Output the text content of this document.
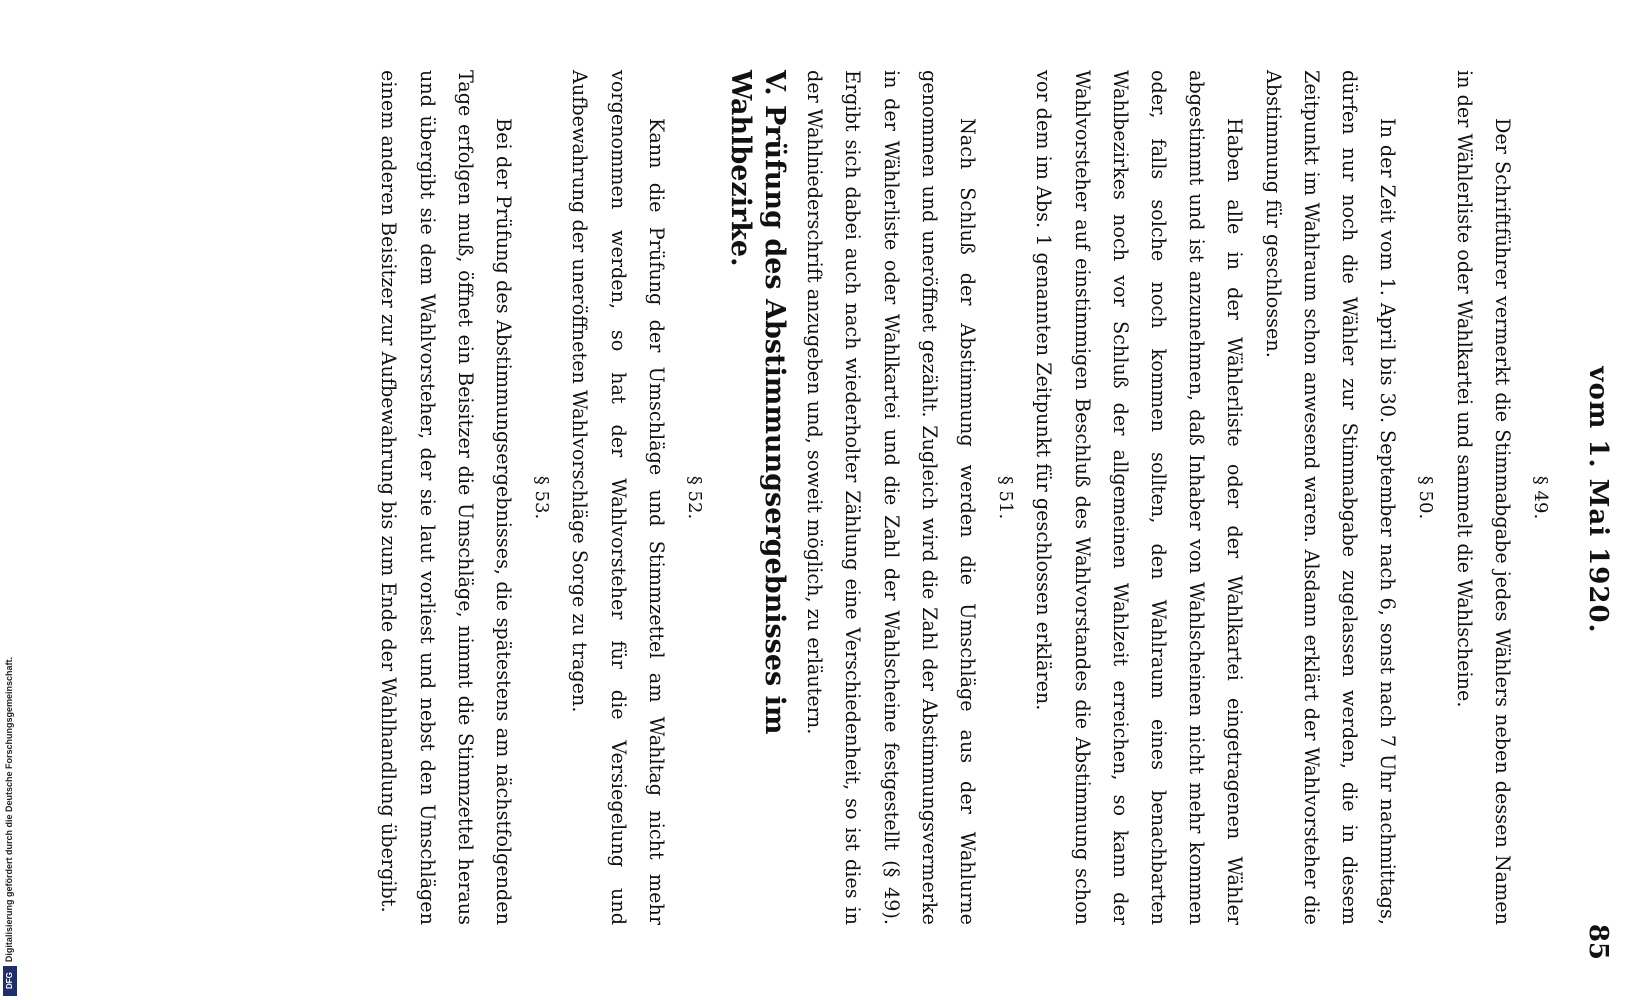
vom 1. Mai 1920.
85

§ 49.

Der Schriftführer vermerkt die Stimmabgabe jedes Wählers neben dessen Namen in der Wählerliste oder Wahlkartei und sammelt die Wahlscheine.

§ 50.

In der Zeit vom 1. April bis 30. September nach 6, sonst nach 7 Uhr nachmittags, dürfen nur noch die Wähler zur Stimmabgabe zugelassen werden, die in diesem Zeitpunkt im Wahlraum schon anwesend waren. Alsdann erklärt der Wahlvorsteher die Abstimmung für geschlossen.

Haben alle in der Wählerliste oder der Wahlkartei eingetragenen Wähler abgestimmt und ist anzunehmen, daß Inhaber von Wahlscheinen nicht mehr kommen oder, falls solche noch kommen sollten, den Wahlraum eines benachbarten Wahlbezirkes noch vor Schluß der allgemeinen Wahlzeit erreichen, so kann der Wahlvorsteher auf einstimmigen Beschluß des Wahlvorstandes die Abstimmung schon vor dem im Abs. 1 genannten Zeitpunkt für geschlossen erklären.

§ 51.

Nach Schluß der Abstimmung werden die Umschläge aus der Wahlurne genommen und uneröffnet gezählt. Zugleich wird die Zahl der Abstimmungsvermerke in der Wählerliste oder Wahlkartei und die Zahl der Wahlscheine festgestellt (§ 49). Ergibt sich dabei auch nach wiederholter Zählung eine Verschiedenheit, so ist dies in der Wahlniederschrift anzugeben und, soweit möglich, zu erläutern.

V. Prüfung des Abstimmungsergebnisses im Wahlbezirke.

§ 52.

Kann die Prüfung der Umschläge und Stimmzettel am Wahltag nicht mehr vorgenommen werden, so hat der Wahlvorsteher für die Versiegelung und Aufbewahrung der uneröffneten Wahlvorschläge Sorge zu tragen.

§ 53.

Bei der Prüfung des Abstimmungsergebnisses, die spätestens am nächstfolgenden Tage erfolgen muß, öffnet ein Beisitzer die Umschläge, nimmt die Stimmzettel heraus und übergibt sie dem Wahlvorsteher, der sie laut vorliest und nebst den Umschlägen einem anderen Beisitzer zur Aufbewahrung bis zum Ende der Wahlhandlung übergibt.

Digitalisierung gefördert durch die Deutsche Forschungsgemeinschaft.
DFG
